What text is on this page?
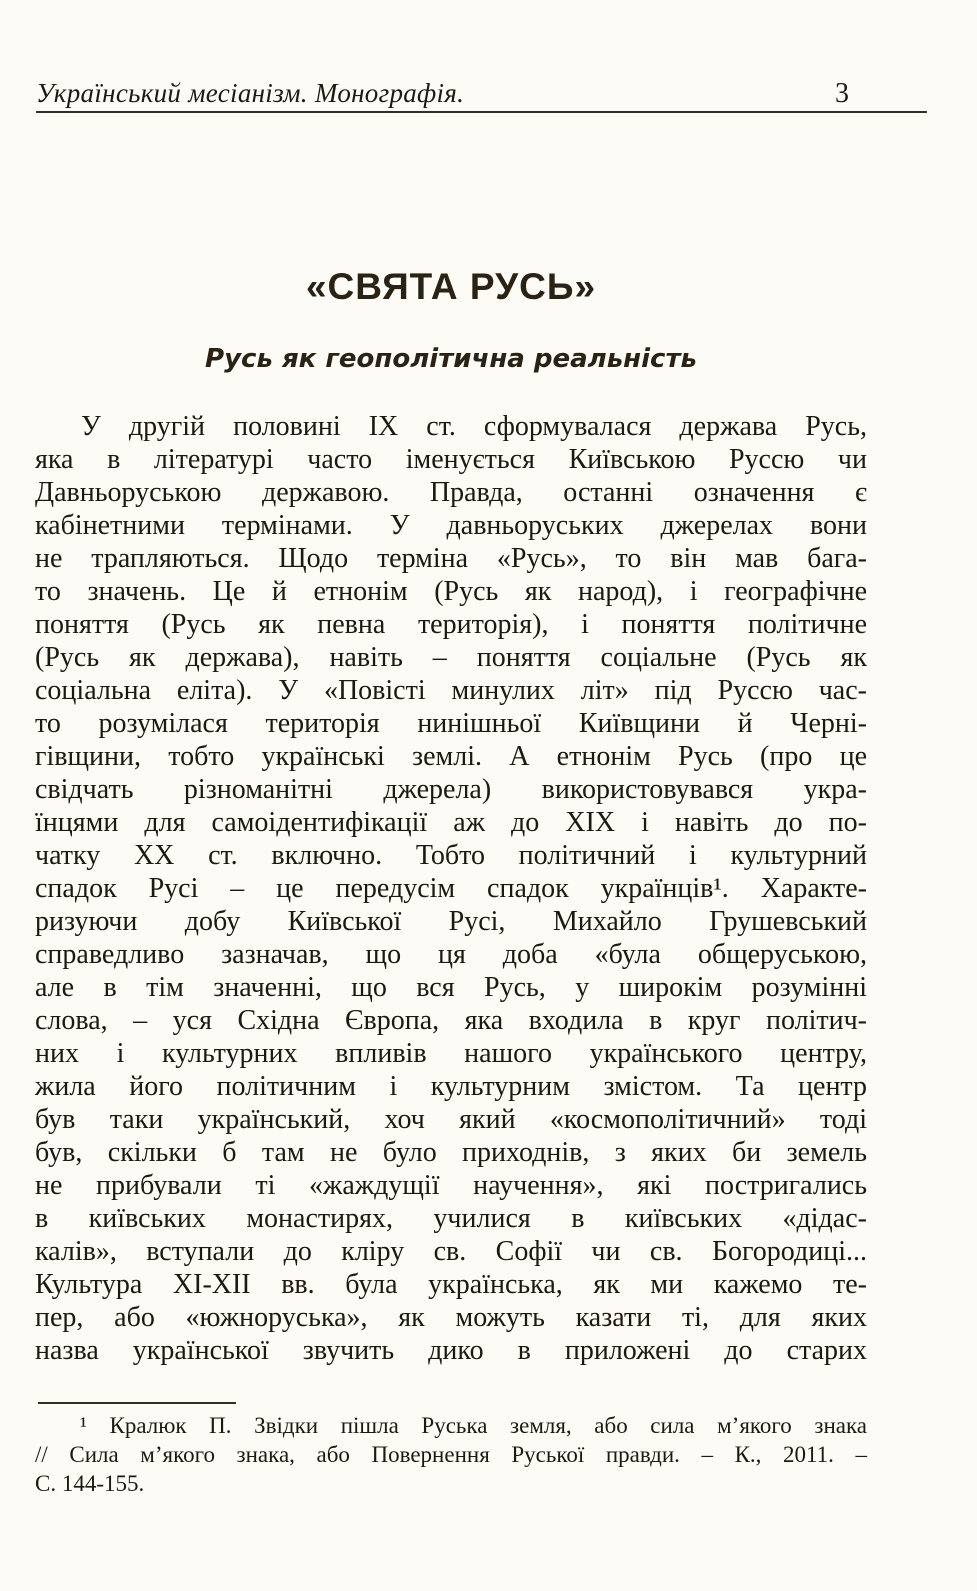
Український месіанізм. Монографія.	3
«СВЯТА РУСЬ»
Русь як геополітична реальність
У другій половині IX ст. сформувалася держава Русь,
яка в літературі часто іменується Київською Руссю чи
Давньоруською державою. Правда, останні означення є
кабінетними термінами. У давньоруських джерелах вони
не трапляються. Щодо терміна «Русь», то він мав бага-
то значень. Це й етнонім (Русь як народ), і географічне
поняття (Русь як певна територія), і поняття політичне
(Русь як держава), навіть – поняття соціальне (Русь як
соціальна еліта). У «Повісті минулих літ» під Руссю час-
то розумілася територія нинішньої Київщини й Черні-
гівщини, тобто українські землі. А етнонім Русь (про це
свідчать різноманітні джерела) використовувався укра-
їнцями для самоідентифікації аж до XIX і навіть до по-
чатку XX ст. включно. Тобто політичний і культурний
спадок Русі – це передусім спадок українців¹. Характе-
ризуючи добу Київської Русі, Михайло Грушевський
справедливо зазначав, що ця доба «була общеруською,
але в тім значенні, що вся Русь, у широкім розумінні
слова, – уся Східна Європа, яка входила в круг політич-
них і культурних впливів нашого українського центру,
жила його політичним і культурним змістом. Та центр
був таки український, хоч який «космополітичний» тоді
був, скільки б там не було приходнів, з яких би земель
не прибували ті «жаждущії научення», які постригались
в київських монастирях, училися в київських «дідас-
калів», вступали до кліру св. Софії чи св. Богородиці...
Культура XI-XII вв. була українська, як ми кажемо те-
пер, або «южноруська», як можуть казати ті, для яких
назва української звучить дико в приложені до старих
¹ Кралюк П. Звідки пішла Руська земля, або сила м’якого знака
// Сила м’якого знака, або Повернення Руської правди. – К., 2011. –
С. 144-155.
